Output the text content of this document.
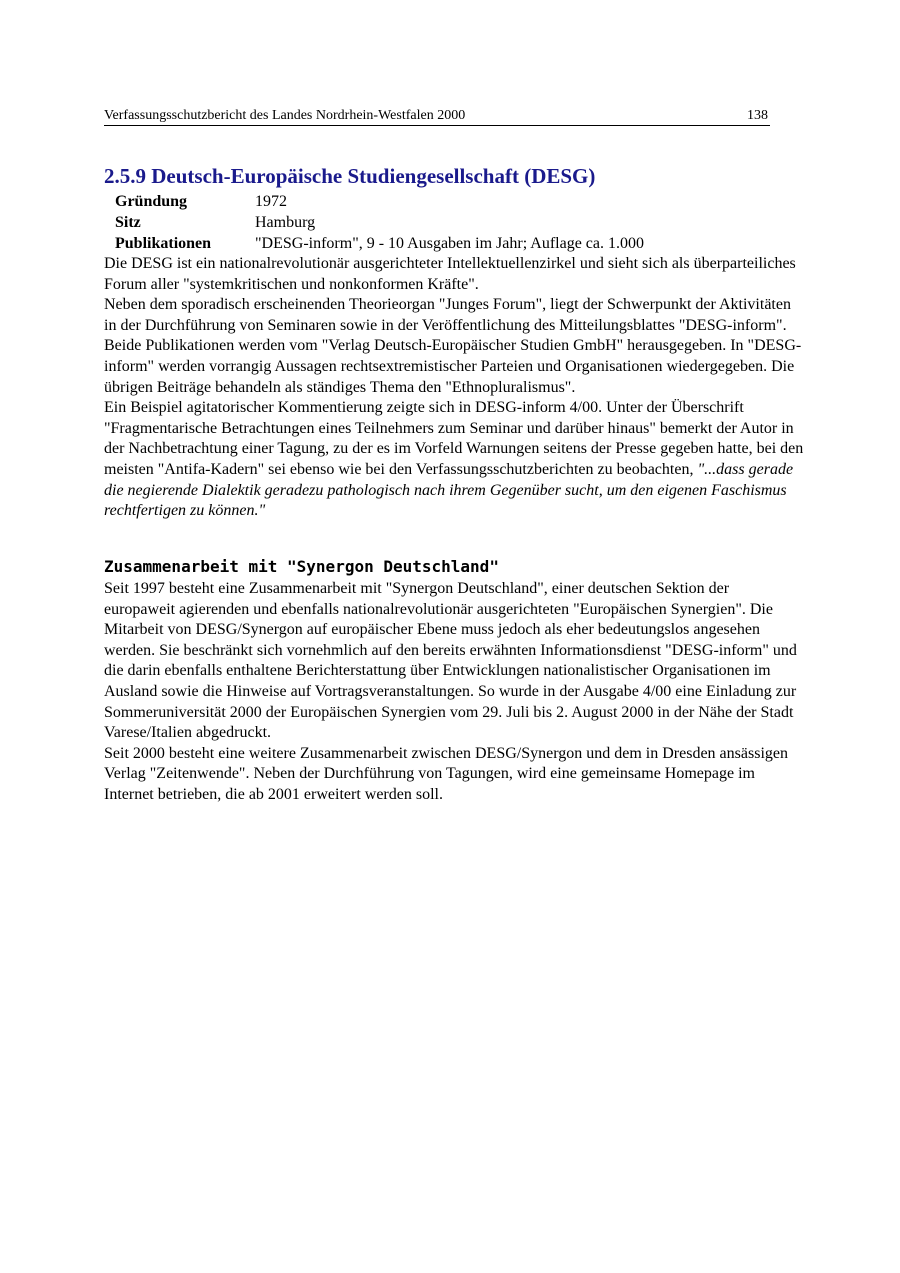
Verfassungsschutzbericht des Landes Nordrhein-Westfalen 2000	138
2.5.9 Deutsch-Europäische Studiengesellschaft (DESG)
Gründung	1972
Sitz	Hamburg
Publikationen	"DESG-inform", 9 - 10 Ausgaben im Jahr; Auflage ca. 1.000

Die DESG ist ein nationalrevolutionär ausgerichteter Intellektuellenzirkel und sieht sich als überparteiliches Forum aller "systemkritischen und nonkonformen Kräfte".

Neben dem sporadisch erscheinenden Theorieorgan "Junges Forum", liegt der Schwerpunkt der Aktivitäten in der Durchführung von Seminaren sowie in der Veröffentlichung des Mitteilungsblattes "DESG-inform". Beide Publikationen werden vom "Verlag Deutsch-Europäischer Studien GmbH" herausgegeben. In "DESG-inform" werden vorrangig Aussagen rechtsextremistischer Parteien und Organisationen wiedergegeben. Die übrigen Beiträge behandeln als ständiges Thema den "Ethnopluralismus".

Ein Beispiel agitatorischer Kommentierung zeigte sich in DESG-inform 4/00. Unter der Überschrift "Fragmentarische Betrachtungen eines Teilnehmers zum Seminar und darüber hinaus" bemerkt der Autor in der Nachbetrachtung einer Tagung, zu der es im Vorfeld Warnungen seitens der Presse gegeben hatte, bei den meisten "Antifa-Kadern" sei ebenso wie bei den Verfassungsschutzberichten zu beobachten, "...dass gerade die negierende Dialektik geradezu pathologisch nach ihrem Gegenüber sucht, um den eigenen Faschismus rechtfertigen zu können."

Zusammenarbeit mit "Synergon Deutschland"

Seit 1997 besteht eine Zusammenarbeit mit "Synergon Deutschland", einer deutschen Sektion der europaweit agierenden und ebenfalls nationalrevolutionär ausgerichteten "Europäischen Synergien". Die Mitarbeit von DESG/Synergon auf europäischer Ebene muss jedoch als eher bedeutungslos angesehen werden. Sie beschränkt sich vornehmlich auf den bereits erwähnten Informationsdienst "DESG-inform" und die darin ebenfalls enthaltene Berichterstattung über Entwicklungen nationalistischer Organisationen im Ausland sowie die Hinweise auf Vortragsveranstaltungen. So wurde in der Ausgabe 4/00 eine Einladung zur Sommeruniversität 2000 der Europäischen Synergien vom 29. Juli bis 2. August 2000 in der Nähe der Stadt Varese/Italien abgedruckt.

Seit 2000 besteht eine weitere Zusammenarbeit zwischen DESG/Synergon und dem in Dresden ansässigen Verlag "Zeitenwende". Neben der Durchführung von Tagungen, wird eine gemeinsame Homepage im Internet betrieben, die ab 2001 erweitert werden soll.
